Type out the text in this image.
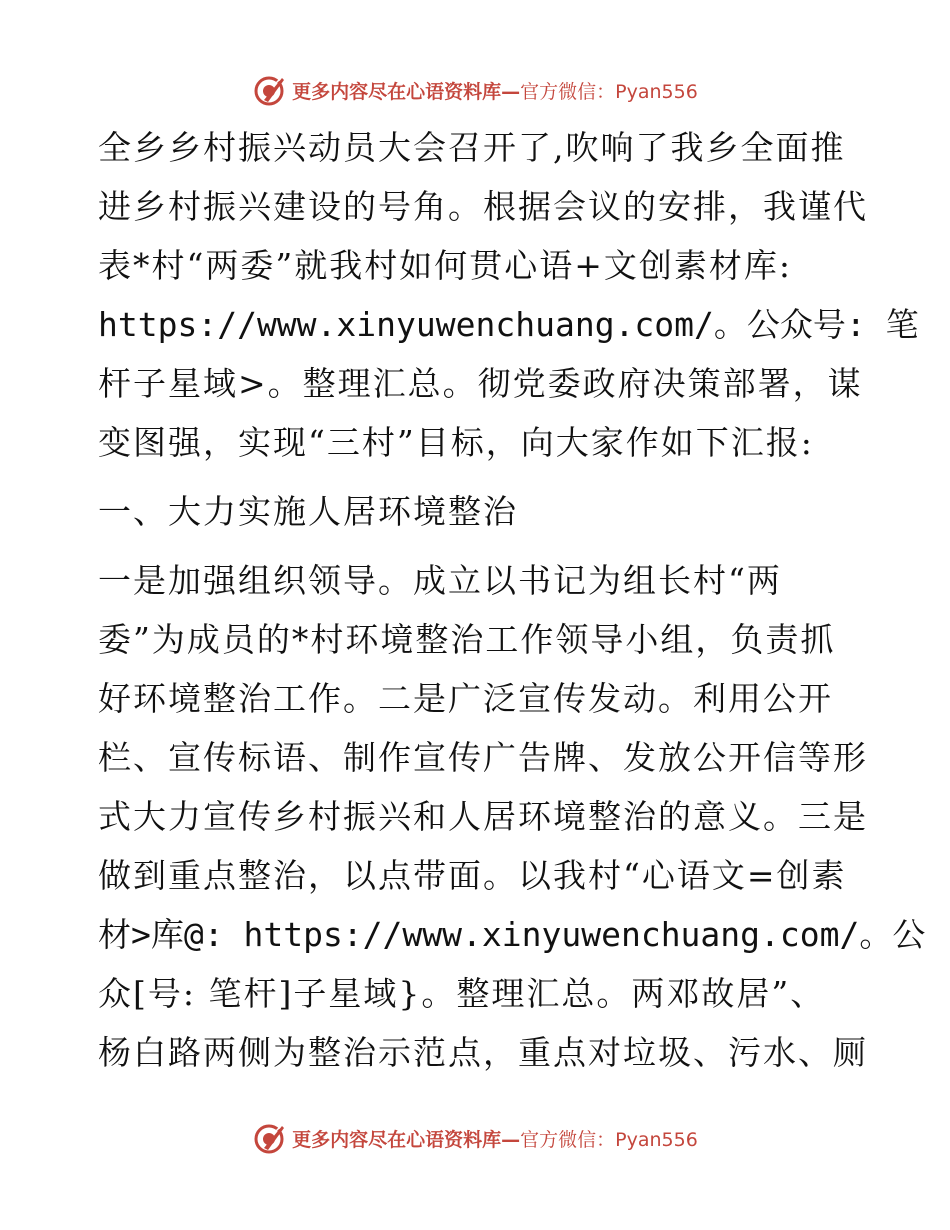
更多内容尽在心语资料库—官方微信：Pyan556
全乡乡村振兴动员大会召开了,吹响了我乡全面推
进乡村振兴建设的号角。根据会议的安排，我谨代
表*村“两委”就我村如何贯心语+文创素材库:
https://www.xinyuwenchuang.com/。公众号: 笔
杆子星域>。整理汇总。彻党委政府决策部署，谋
变图强，实现“三村”目标，向大家作如下汇报:
一、大力实施人居环境整治
一是加强组织领导。成立以书记为组长村“两
委”为成员的*村环境整治工作领导小组，负责抓
好环境整治工作。二是广泛宣传发动。利用公开
栏、宣传标语、制作宣传广告牌、发放公开信等形
式大力宣传乡村振兴和人居环境整治的意义。三是
做到重点整治，以点带面。以我村“心语文=创素
材>库@: https://www.xinyuwenchuang.com/。公
众[号: 笔杆]子星域}。整理汇总。两邓故居”、
杨白路两侧为整治示范点，重点对垃圾、污水、厕
更多内容尽在心语资料库—官方微信：Pyan556
